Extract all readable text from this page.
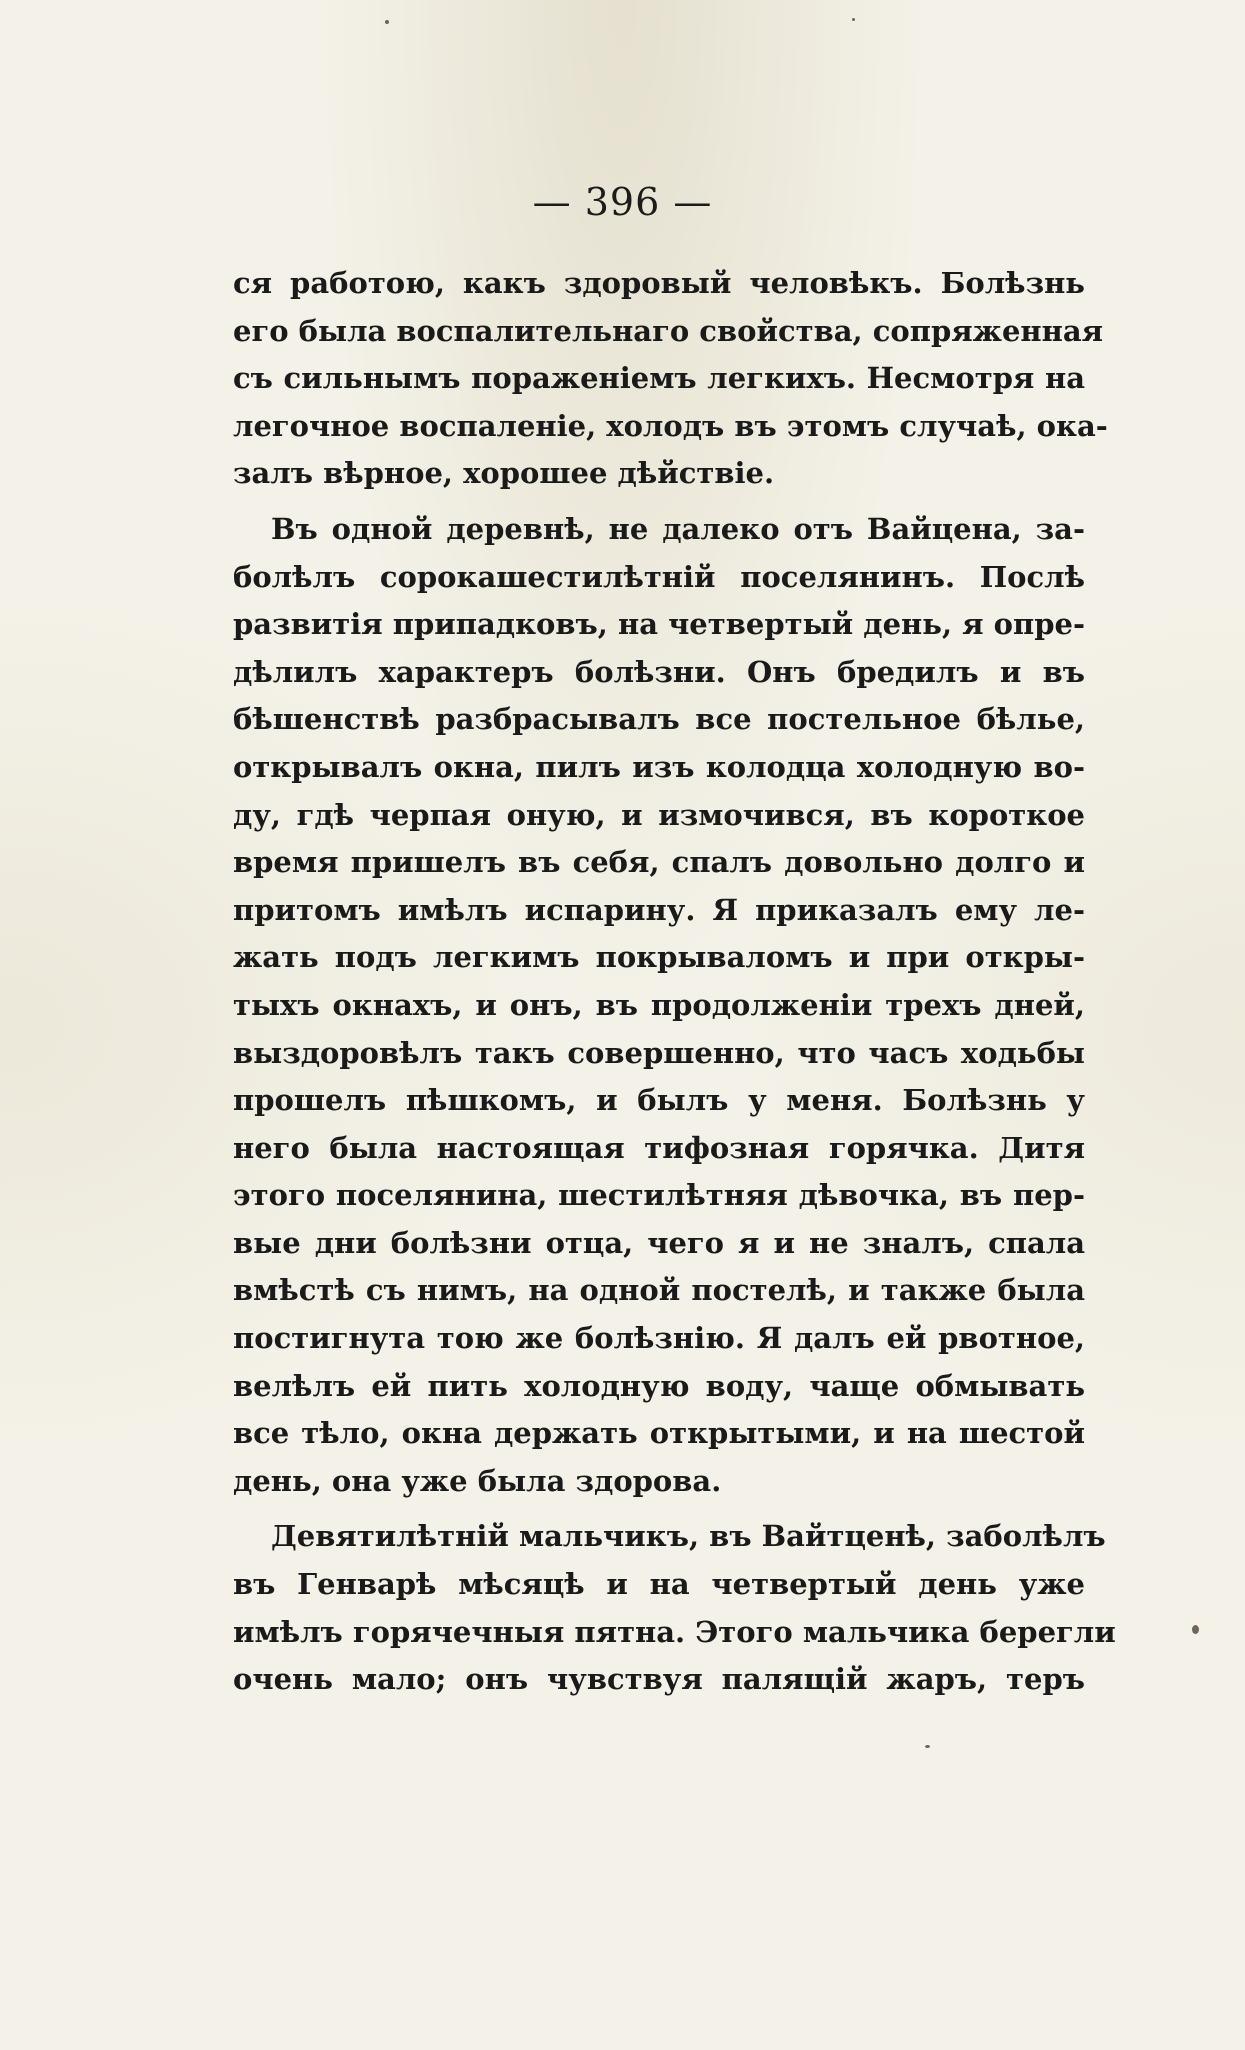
— 396 —
ся работою, какъ здоровый человѣкъ. Болѣзнь
его была воспалительнаго свойства, сопряженная
съ сильнымъ пораженіемъ легкихъ. Несмотря на
легочное воспаленіе, холодъ въ этомъ случаѣ, ока-
залъ вѣрное, хорошее дѣйствіе.
Въ одной деревнѣ, не далеко отъ Вайцена, за-
болѣлъ сорокашестилѣтній поселянинъ. Послѣ
развитія припадковъ, на четвертый день, я опре-
дѣлилъ характеръ болѣзни. Онъ бредилъ и въ
бѣшенствѣ разбрасывалъ все постельное бѣлье,
открывалъ окна, пилъ изъ колодца холодную во-
ду, гдѣ черпая оную, и измочився, въ короткое
время пришелъ въ себя, спалъ довольно долго и
притомъ имѣлъ испарину. Я приказалъ ему ле-
жать подъ легкимъ покрываломъ и при откры-
тыхъ окнахъ, и онъ, въ продолженіи трехъ дней,
выздоровѣлъ такъ совершенно, что часъ ходьбы
прошелъ пѣшкомъ, и былъ у меня. Болѣзнь у
него была настоящая тифозная горячка. Дитя
этого поселянина, шестилѣтняя дѣвочка, въ пер-
вые дни болѣзни отца, чего я и не зналъ, спала
вмѣстѣ съ нимъ, на одной постелѣ, и также была
постигнута тою же болѣзнію. Я далъ ей рвотное,
велѣлъ ей пить холодную воду, чаще обмывать
все тѣло, окна держать открытыми, и на шестой
день, она уже была здорова.
Девятилѣтній мальчикъ, въ Вайтценѣ, заболѣлъ
въ Генварѣ мѣсяцѣ и на четвертый день уже
имѣлъ горячечныя пятна. Этого мальчика берегли
очень мало; онъ чувствуя палящій жаръ, теръ
